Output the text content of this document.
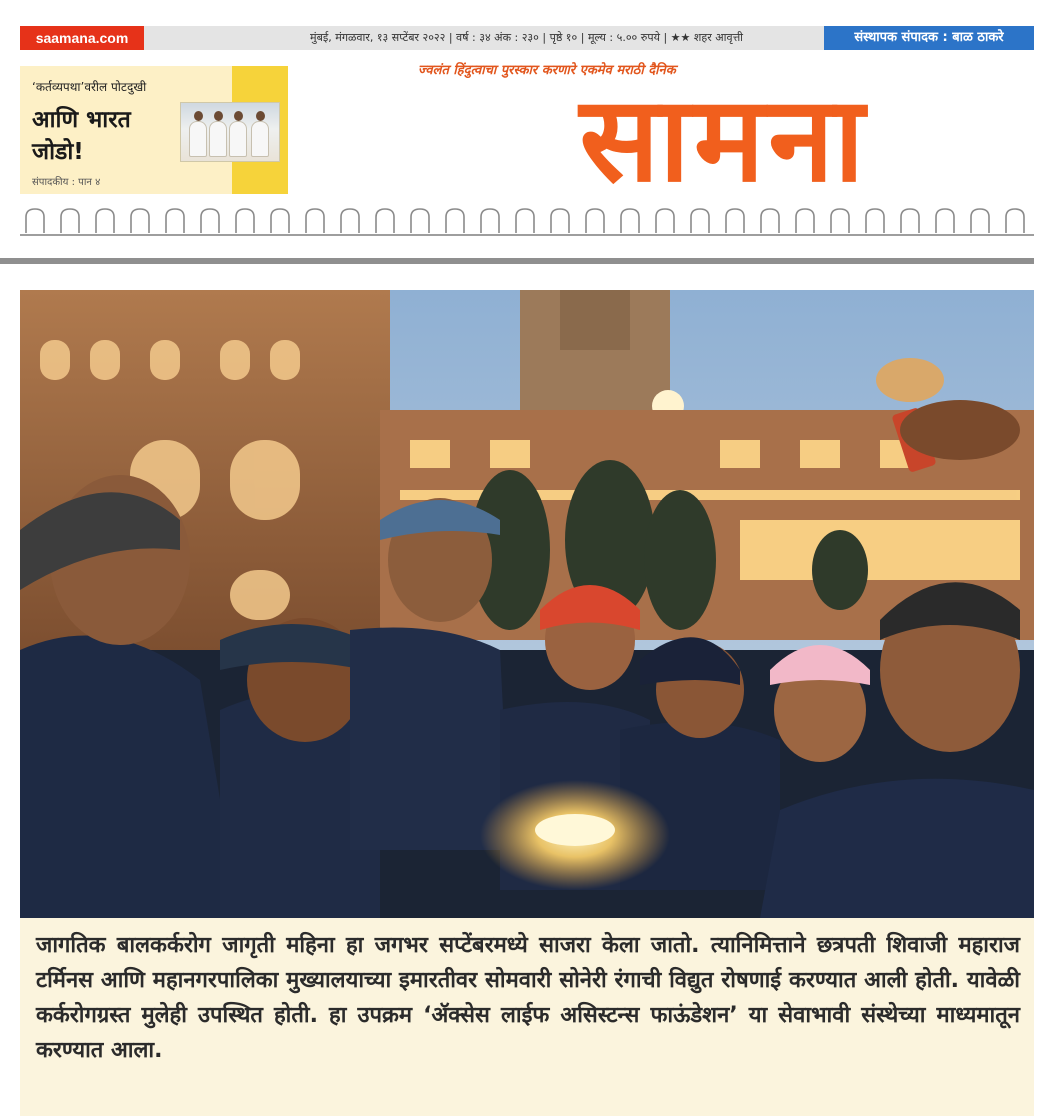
saamana.com	मुंबई, मंगळवार, १३ सप्टेंबर २०२२ | वर्ष : ३४ अंक : २३० | पृष्ठे १० | मूल्य : ५.०० रुपये | ★★ शहर आवृत्ती	संस्थापक संपादक : बाळ ठाकरे
‘कर्तव्यपथा’वरील पोटदुखी
आणि भारत जोडो!
संपादकीय : पान ४
ज्वलंत हिंदुत्वाचा पुरस्कार करणारे एकमेव मराठी दैनिक
सामना

जागतिक बालकर्करोग जागृती महिना हा जगभर सप्टेंबरमध्ये साजरा केला जातो. त्यानिमित्ताने छत्रपती शिवाजी महाराज टर्मिनस आणि महानगरपालिका मुख्यालयाच्या इमारतीवर सोमवारी सोनेरी रंगाची विद्युत रोषणाई करण्यात आली होती. यावेळी कर्करोगग्रस्त मुलेही उपस्थित होती. हा उपक्रम ‘ॲक्सेस लाईफ असिस्टन्स फाऊंडेशन’ या सेवाभावी संस्थेच्या माध्यमातून करण्यात आला.
